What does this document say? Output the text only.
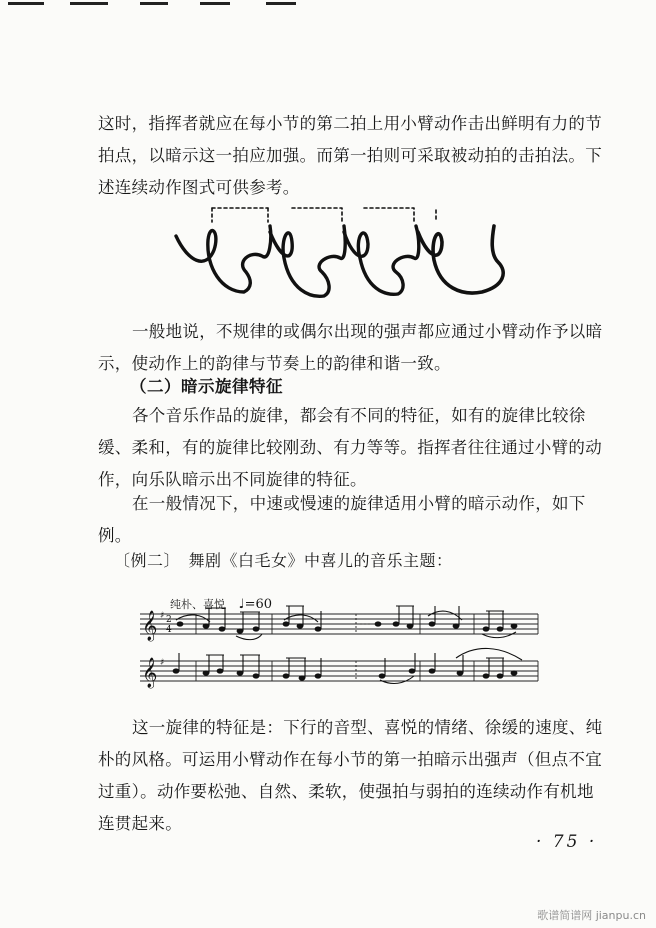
这时，指挥者就应在每小节的第二拍上用小臂动作击出鲜明有力的节拍点，以暗示这一拍应加强。而第一拍则可采取被动拍的击拍法。下述连续动作图式可供参考。

一般地说，不规律的或偶尔出现的强声都应通过小臂动作予以暗示，使动作上的韵律与节奏上的韵律和谐一致。

（二）暗示旋律特征

各个音乐作品的旋律，都会有不同的特征，如有的旋律比较徐缓、柔和，有的旋律比较刚劲、有力等等。指挥者往往通过小臂的动作，向乐队暗示出不同旋律的特征。

在一般情况下，中速或慢速的旋律适用小臂的暗示动作，如下例。

〔例二〕　舞剧《白毛女》中喜儿的音乐主题：

纯朴、喜悦 ♩=60

𝄞
𝄞
♯
♯
2
4

这一旋律的特征是：下行的音型、喜悦的情绪、徐缓的速度、纯朴的风格。可运用小臂动作在每小节的第一拍暗示出强声（但点不宜过重）。动作要松弛、自然、柔软，使强拍与弱拍的连续动作有机地连贯起来。

· 75 ·

歌谱简谱网 jianpu.cn
